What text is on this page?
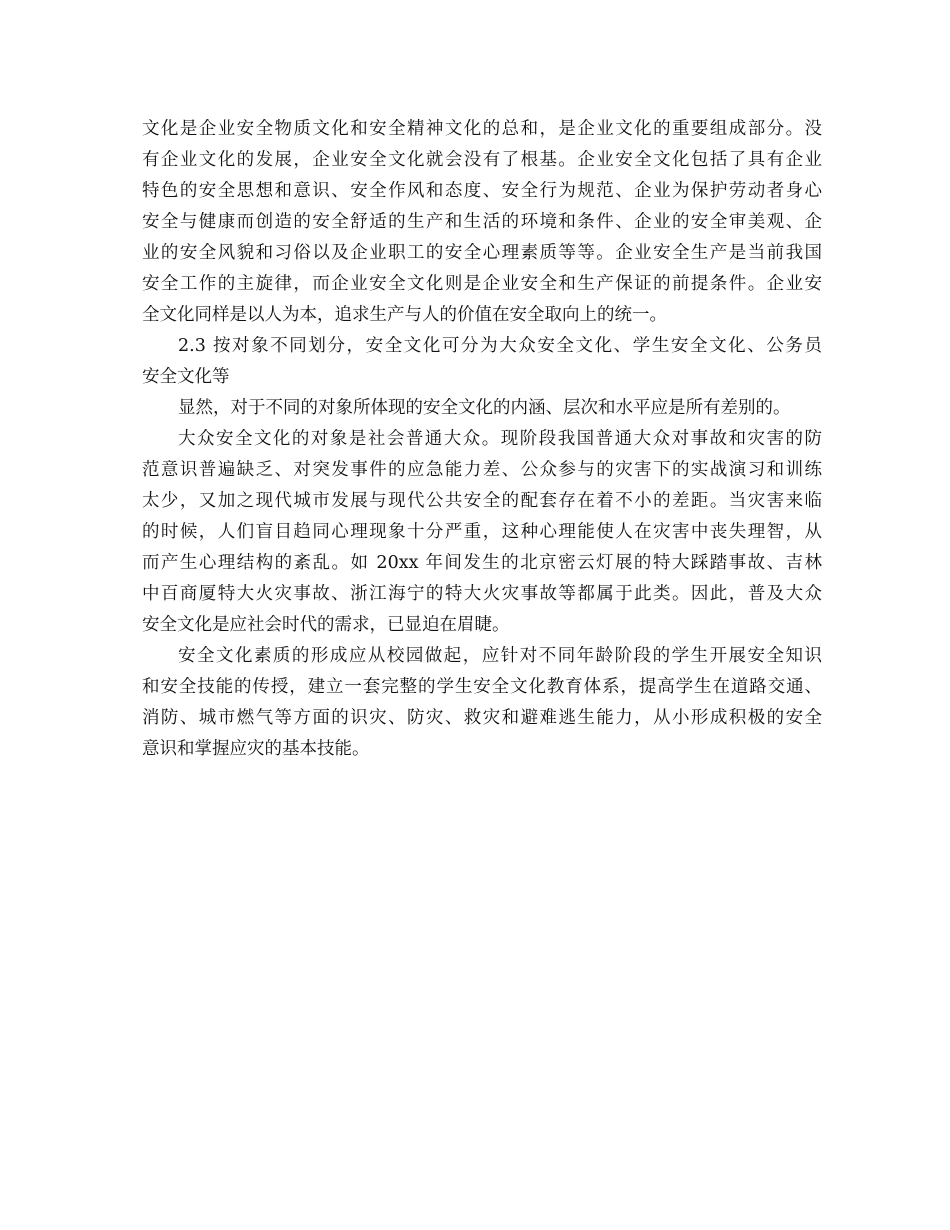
文化是企业安全物质文化和安全精神文化的总和，是企业文化的重要组成部分。没
有企业文化的发展，企业安全文化就会没有了根基。企业安全文化包括了具有企业
特色的安全思想和意识、安全作风和态度、安全行为规范、企业为保护劳动者身心
安全与健康而创造的安全舒适的生产和生活的环境和条件、企业的安全审美观、企
业的安全风貌和习俗以及企业职工的安全心理素质等等。企业安全生产是当前我国
安全工作的主旋律，而企业安全文化则是企业安全和生产保证的前提条件。企业安
全文化同样是以人为本，追求生产与人的价值在安全取向上的统一。
2.3 按对象不同划分，安全文化可分为大众安全文化、学生安全文化、公务员
安全文化等
显然，对于不同的对象所体现的安全文化的内涵、层次和水平应是所有差别的。
大众安全文化的对象是社会普通大众。现阶段我国普通大众对事故和灾害的防
范意识普遍缺乏、对突发事件的应急能力差、公众参与的灾害下的实战演习和训练
太少，又加之现代城市发展与现代公共安全的配套存在着不小的差距。当灾害来临
的时候，人们盲目趋同心理现象十分严重，这种心理能使人在灾害中丧失理智，从
而产生心理结构的紊乱。如 20xx 年间发生的北京密云灯展的特大踩踏事故、吉林
中百商厦特大火灾事故、浙江海宁的特大火灾事故等都属于此类。因此，普及大众
安全文化是应社会时代的需求，已显迫在眉睫。
安全文化素质的形成应从校园做起，应针对不同年龄阶段的学生开展安全知识
和安全技能的传授，建立一套完整的学生安全文化教育体系，提高学生在道路交通、
消防、城市燃气等方面的识灾、防灾、救灾和避难逃生能力，从小形成积极的安全
意识和掌握应灾的基本技能。
